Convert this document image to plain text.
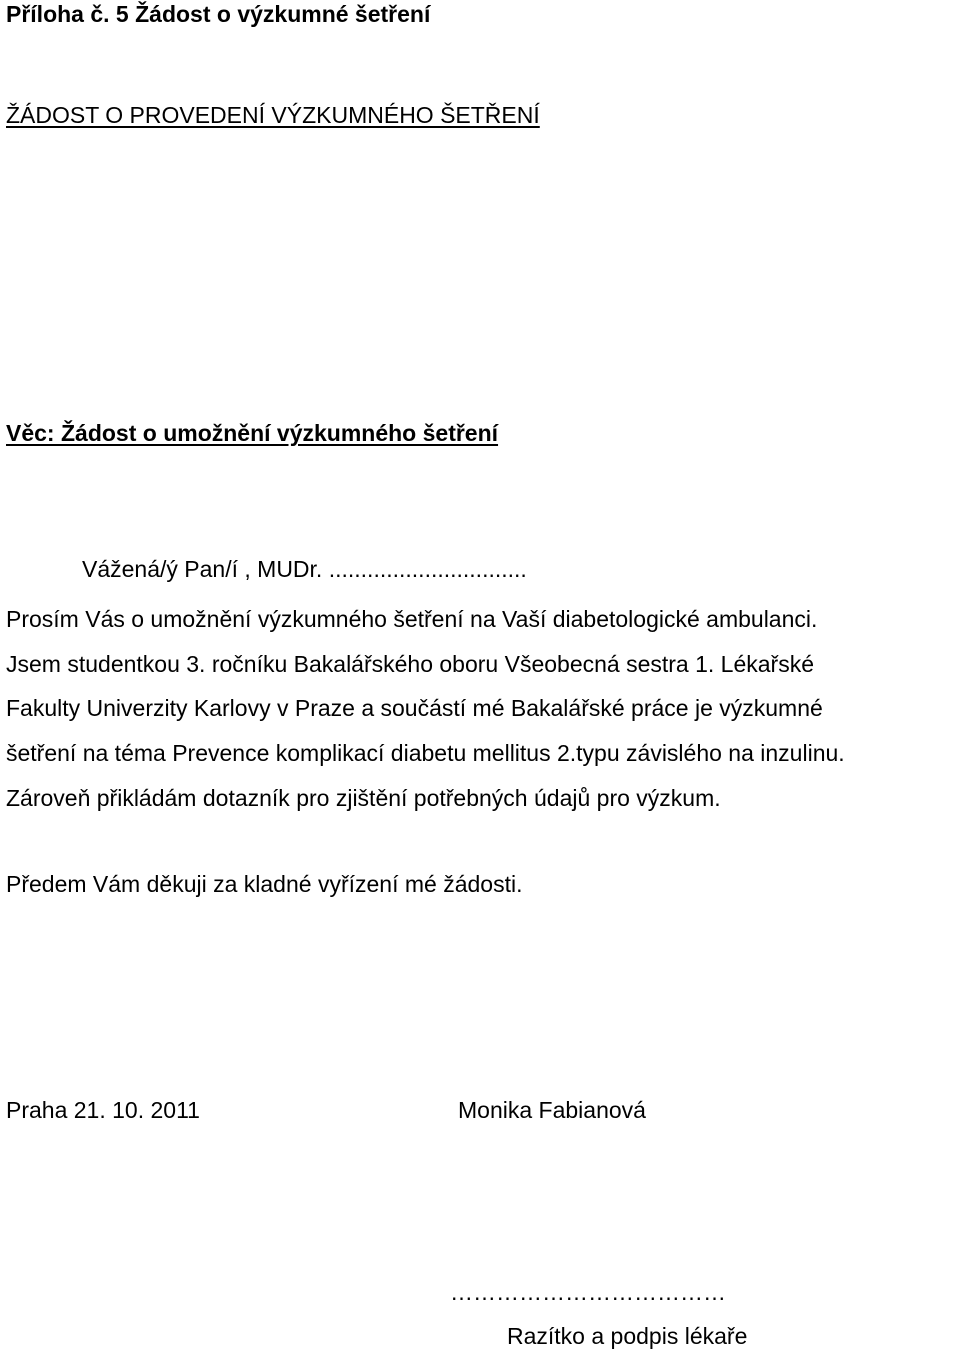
Příloha č. 5 Žádost o výzkumné šetření
ŽÁDOST O PROVEDENÍ VÝZKUMNÉHO ŠETŘENÍ
Věc: Žádost o umožnění výzkumného šetření
Vážená/ý Pan/í , MUDr. ...............................
Prosím Vás o umožnění výzkumného šetření na Vaší diabetologické ambulanci.
Jsem studentkou 3. ročníku Bakalářského oboru Všeobecná sestra 1. Lékařské
Fakulty Univerzity Karlovy v Praze a součástí mé Bakalářské práce je výzkumné
šetření na téma Prevence komplikací diabetu mellitus 2.typu závislého na inzulinu.
Zároveň přikládám dotazník pro zjištění potřebných údajů pro výzkum.
Předem Vám děkuji za kladné vyřízení mé žádosti.
Praha 21. 10. 2011	Monika Fabianová
………………………………
Razítko a podpis lékaře
